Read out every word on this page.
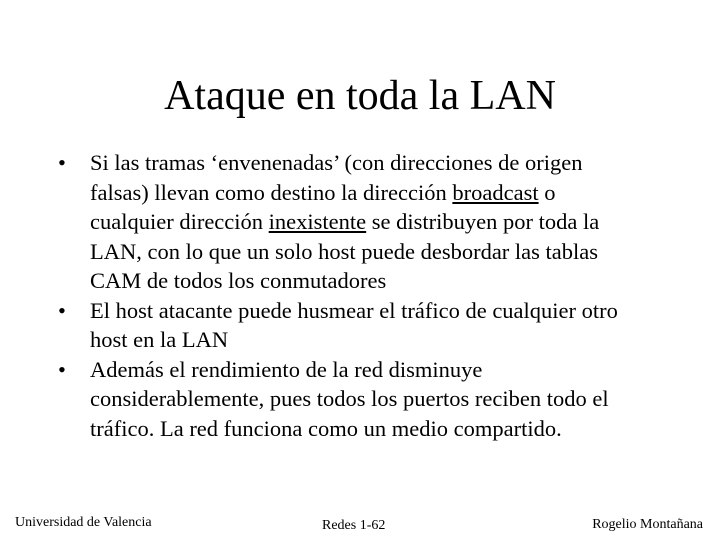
Ataque en toda la LAN
•	Si las tramas ‘envenenadas’ (con direcciones de origen
falsas) llevan como destino la dirección broadcast o
cualquier dirección inexistente se distribuyen por toda la
LAN, con lo que un solo host puede desbordar las tablas
CAM de todos los conmutadores
•	El host atacante puede husmear el tráfico de cualquier otro
host en la LAN
•	Además el rendimiento de la red disminuye
considerablemente, pues todos los puertos reciben todo el
tráfico. La red funciona como un medio compartido.
Universidad de Valencia	Redes 1-62	Rogelio Montañana
